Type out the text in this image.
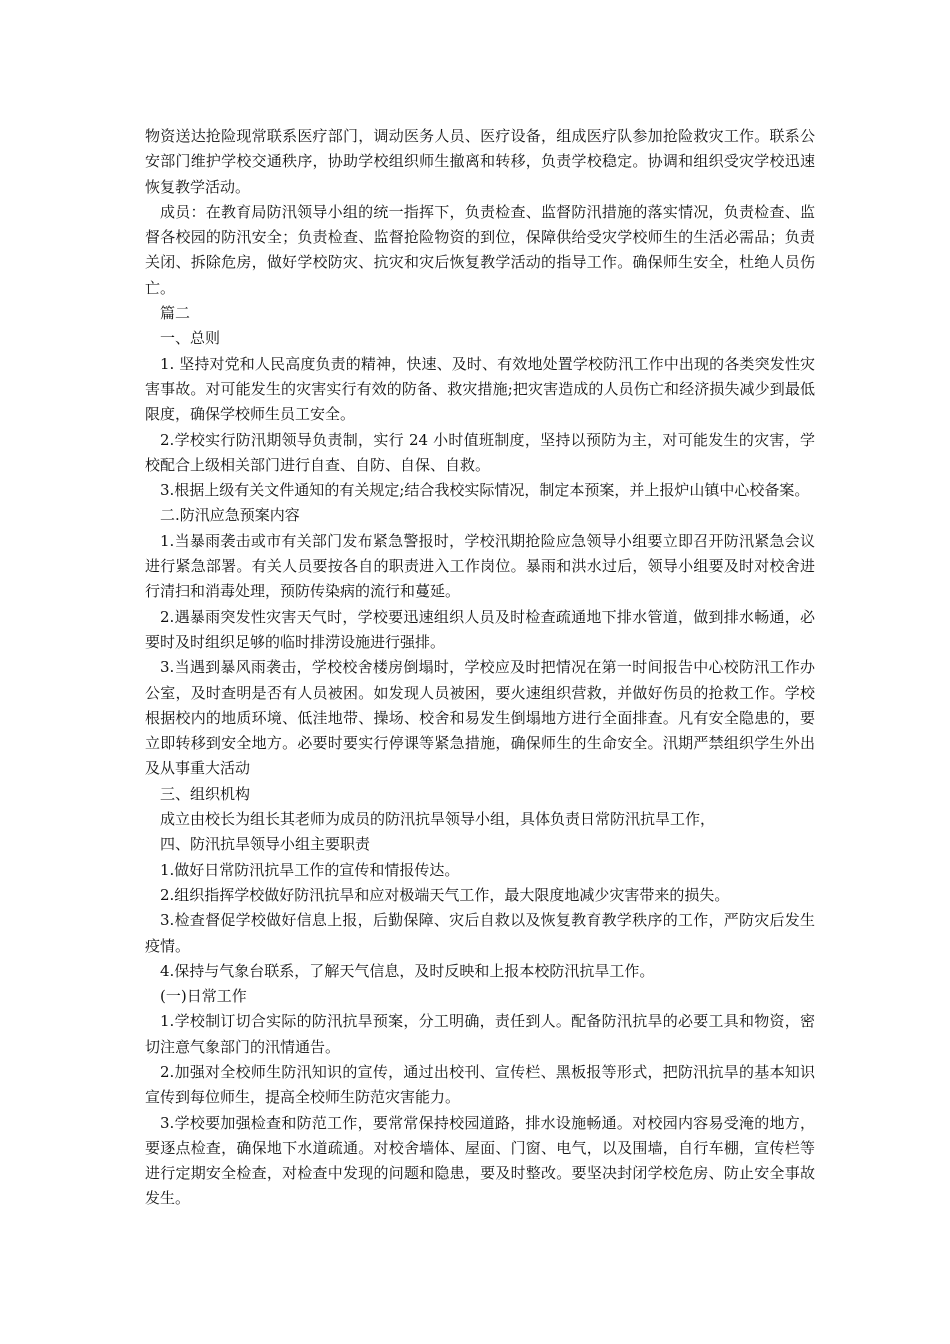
物资送达抢险现常联系医疗部门，调动医务人员、医疗设备，组成医疗队参加抢险救灾工作。联系公安部门维护学校交通秩序，协助学校组织师生撤离和转移，负责学校稳定。协调和组织受灾学校迅速恢复教学活动。

成员：在教育局防汛领导小组的统一指挥下，负责检查、监督防汛措施的落实情况，负责检查、监督各校园的防汛安全；负责检查、监督抢险物资的到位，保障供给受灾学校师生的生活必需品；负责关闭、拆除危房，做好学校防灾、抗灾和灾后恢复教学活动的指导工作。确保师生安全，杜绝人员伤亡。

篇二

一、总则

1. 坚持对党和人民高度负责的精神，快速、及时、有效地处置学校防汛工作中出现的各类突发性灾害事故。对可能发生的灾害实行有效的防备、救灾措施;把灾害造成的人员伤亡和经济损失减少到最低限度，确保学校师生员工安全。

2.学校实行防汛期领导负责制，实行 24 小时值班制度，坚持以预防为主，对可能发生的灾害，学校配合上级相关部门进行自查、自防、自保、自救。

3.根据上级有关文件通知的有关规定;结合我校实际情况，制定本预案，并上报炉山镇中心校备案。

二.防汛应急预案内容

1.当暴雨袭击或市有关部门发布紧急警报时，学校汛期抢险应急领导小组要立即召开防汛紧急会议进行紧急部署。有关人员要按各自的职责进入工作岗位。暴雨和洪水过后，领导小组要及时对校舍进行清扫和消毒处理，预防传染病的流行和蔓延。

2.遇暴雨突发性灾害天气时，学校要迅速组织人员及时检查疏通地下排水管道，做到排水畅通，必要时及时组织足够的临时排涝设施进行强排。

3.当遇到暴风雨袭击，学校校舍楼房倒塌时，学校应及时把情况在第一时间报告中心校防汛工作办公室，及时查明是否有人员被困。如发现人员被困，要火速组织营救，并做好伤员的抢救工作。学校根据校内的地质环境、低洼地带、操场、校舍和易发生倒塌地方进行全面排查。凡有安全隐患的，要立即转移到安全地方。必要时要实行停课等紧急措施，确保师生的生命安全。汛期严禁组织学生外出及从事重大活动

三、组织机构

成立由校长为组长其老师为成员的防汛抗旱领导小组，具体负责日常防汛抗旱工作，

四、防汛抗旱领导小组主要职责

1.做好日常防汛抗旱工作的宣传和情报传达。

2.组织指挥学校做好防汛抗旱和应对极端天气工作，最大限度地减少灾害带来的损失。

3.检查督促学校做好信息上报，后勤保障、灾后自救以及恢复教育教学秩序的工作，严防灾后发生疫情。

4.保持与气象台联系，了解天气信息，及时反映和上报本校防汛抗旱工作。

(一)日常工作

1.学校制订切合实际的防汛抗旱预案，分工明确，责任到人。配备防汛抗旱的必要工具和物资，密切注意气象部门的汛情通告。

2.加强对全校师生防汛知识的宣传，通过出校刊、宣传栏、黑板报等形式，把防汛抗旱的基本知识宣传到每位师生，提高全校师生防范灾害能力。

3.学校要加强检查和防范工作，要常常保持校园道路，排水设施畅通。对校园内容易受淹的地方，要逐点检查，确保地下水道疏通。对校舍墙体、屋面、门窗、电气，以及围墙，自行车棚，宣传栏等进行定期安全检查，对检查中发现的问题和隐患，要及时整改。要坚决封闭学校危房、防止安全事故发生。
